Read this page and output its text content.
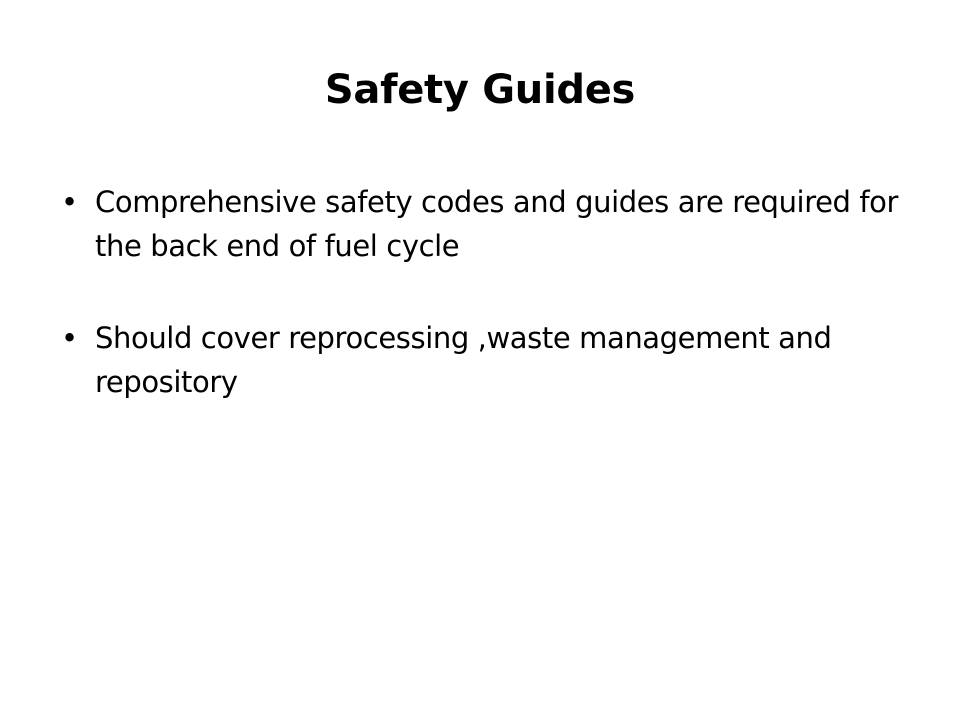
Safety Guides
• Comprehensive safety codes and guides are required for the back end of fuel cycle
• Should cover reprocessing ,waste management and repository
